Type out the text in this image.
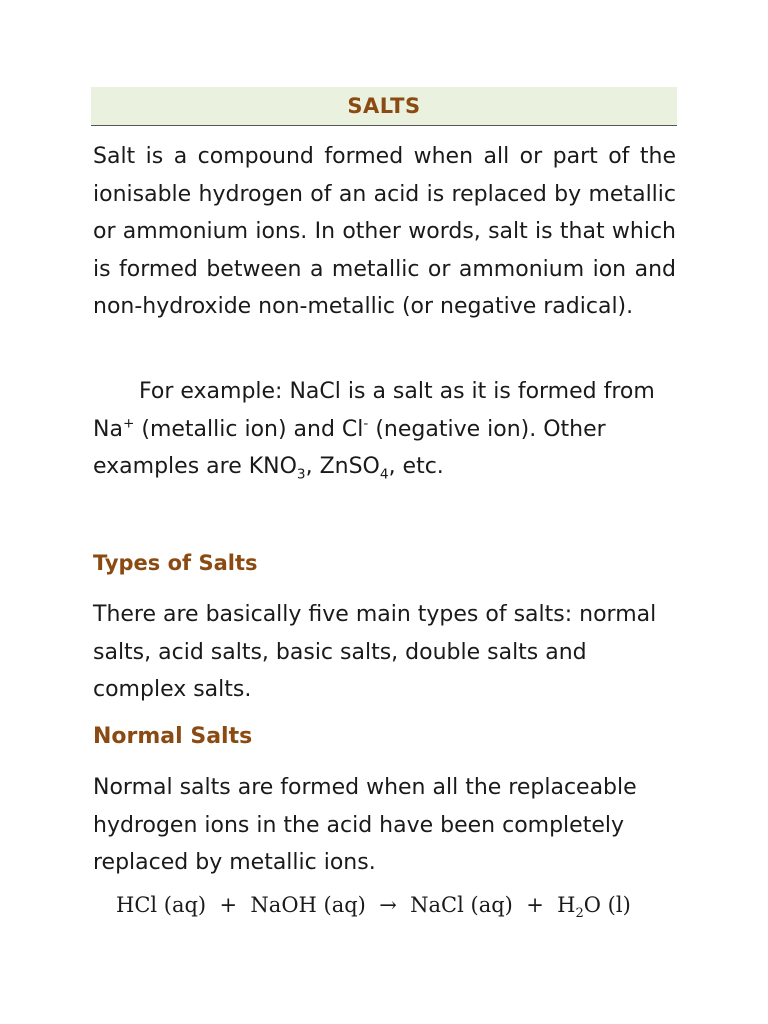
SALTS

Salt is a compound formed when all or part of the ionisable hydrogen of an acid is replaced by metallic or ammonium ions. In other words, salt is that which is formed between a metallic or ammonium ion and non-hydroxide non-metallic (or negative radical).

For example: NaCl is a salt as it is formed from Na+ (metallic ion) and Cl- (negative ion). Other examples are $KNO_3$, ZnSO$_4$, etc.

Types of Salts

There are basically five main types of salts: normal salts, acid salts, basic salts, double salts and complex salts.

Normal Salts

Normal salts are formed when all the replaceable hydrogen ions in the acid have been completely replaced by metallic ions.

HCl (aq)  +  NaOH (aq)  →  NaCl $(aq) + H_2O$ (l)
